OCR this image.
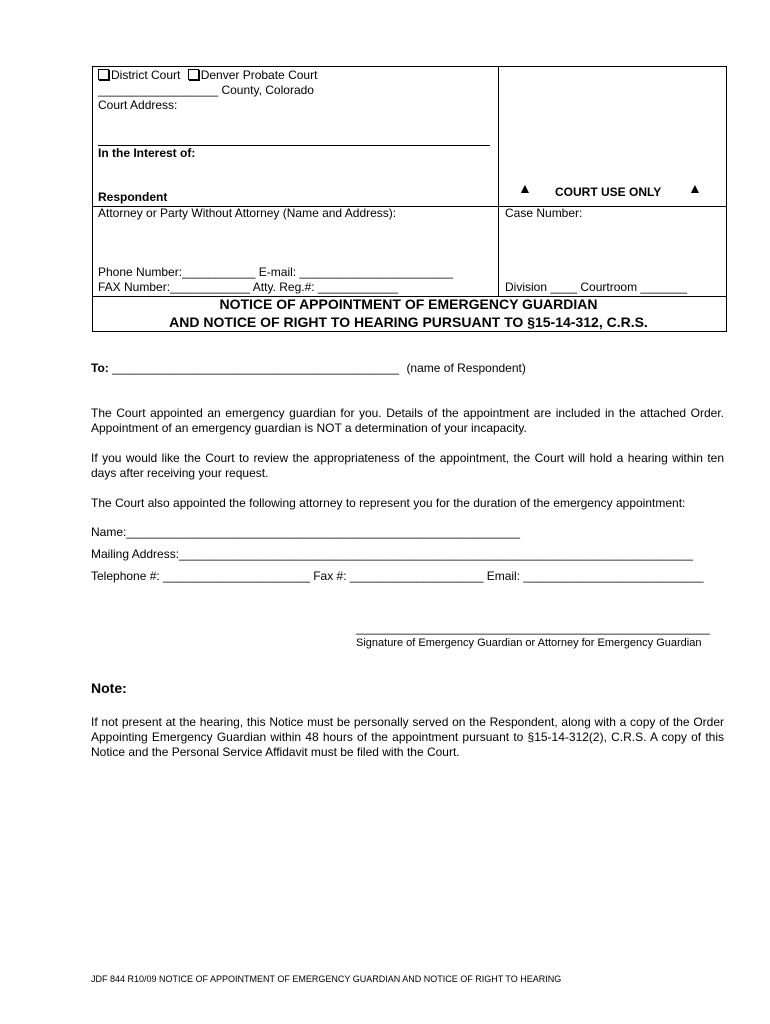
District Court Denver Probate Court
__________________ County, Colorado
Court Address:
In the Interest of:
Respondent
▲ COURT USE ONLY ▲
Attorney or Party Without Attorney (Name and Address):	Case Number:
Phone Number:___________ E-mail: _______________________
FAX Number:____________ Atty. Reg.#: ____________	Division ____ Courtroom _______
NOTICE OF APPOINTMENT OF EMERGENCY GUARDIAN
AND NOTICE OF RIGHT TO HEARING PURSUANT TO §15-14-312, C.R.S.
To: ___________________________________________ (name of Respondent)
The Court appointed an emergency guardian for you. Details of the appointment are included in the attached Order. Appointment of an emergency guardian is NOT a determination of your incapacity.
If you would like the Court to review the appropriateness of the appointment, the Court will hold a hearing within ten days after receiving your request.
The Court also appointed the following attorney to represent you for the duration of the emergency appointment:
Name:___________________________________________________________
Mailing Address:_____________________________________________________________________________
Telephone #: ______________________ Fax #: ____________________ Email: ___________________________
_____________________________________________________
Signature of Emergency Guardian or Attorney for Emergency Guardian
Note:
If not present at the hearing, this Notice must be personally served on the Respondent, along with a copy of the Order Appointing Emergency Guardian within 48 hours of the appointment pursuant to §15-14-312(2), C.R.S. A copy of this Notice and the Personal Service Affidavit must be filed with the Court.
JDF 844 R10/09 NOTICE OF APPOINTMENT OF EMERGENCY GUARDIAN AND NOTICE OF RIGHT TO HEARING
